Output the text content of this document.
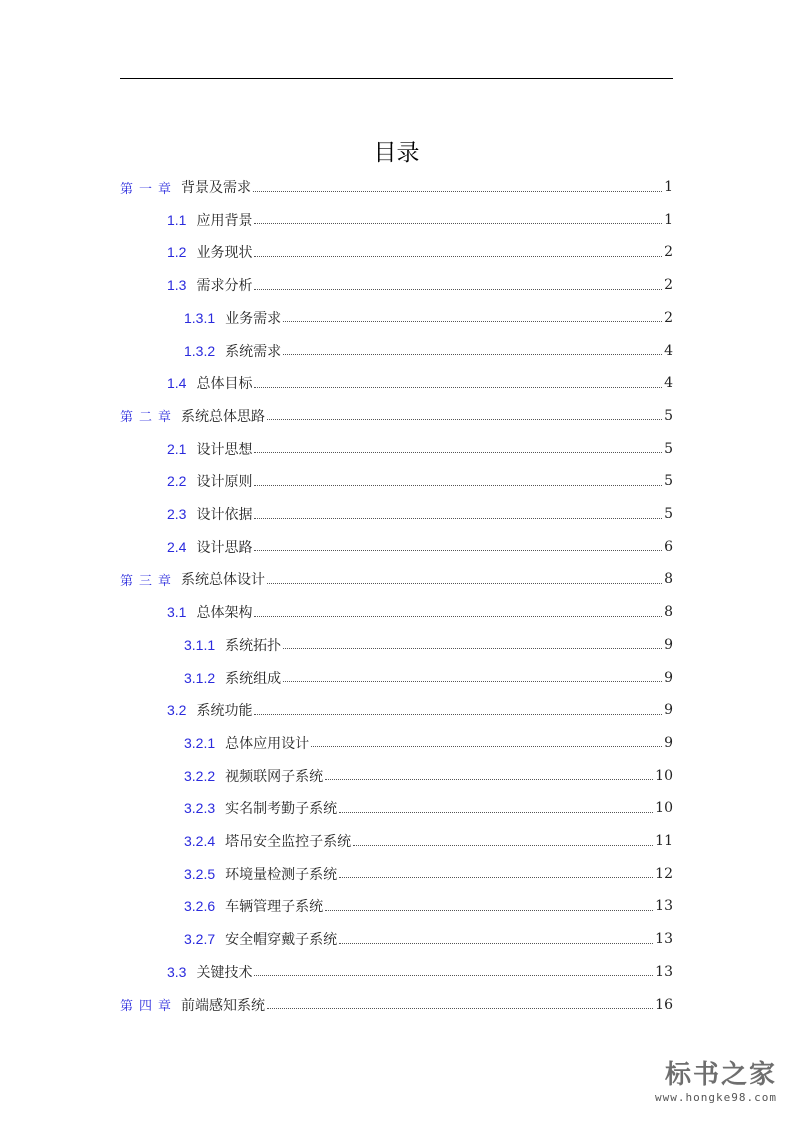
目录
第一章 背景及需求	1
1.1 应用背景	1
1.2 业务现状	2
1.3 需求分析	2
1.3.1 业务需求	2
1.3.2 系统需求	4
1.4 总体目标	4
第二章 系统总体思路	5
2.1 设计思想	5
2.2 设计原则	5
2.3 设计依据	5
2.4 设计思路	6
第三章 系统总体设计	8
3.1 总体架构	8
3.1.1 系统拓扑	9
3.1.2 系统组成	9
3.2 系统功能	9
3.2.1 总体应用设计	9
3.2.2 视频联网子系统	10
3.2.3 实名制考勤子系统	10
3.2.4 塔吊安全监控子系统	11
3.2.5 环境量检测子系统	12
3.2.6 车辆管理子系统	13
3.2.7 安全帽穿戴子系统	13
3.3 关键技术	13
第四章 前端感知系统	16
标书之家
www.hongke98.com
